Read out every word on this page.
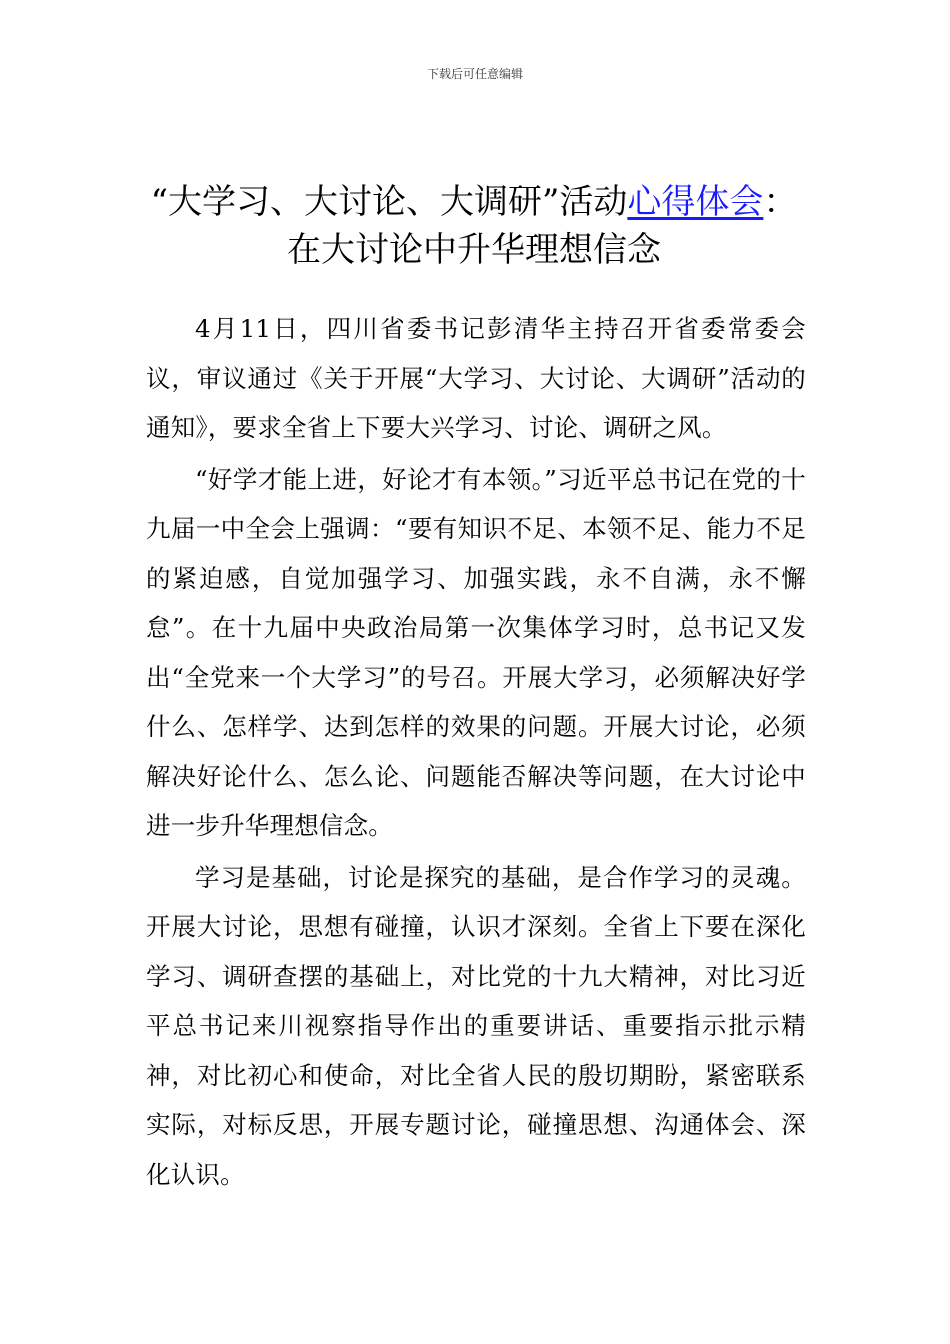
下载后可任意编辑
“大学习、大讨论、大调研”活动心得体会：在大讨论中升华理想信念

4月11日，四川省委书记彭清华主持召开省委常委会议，审议通过《关于开展“大学习、大讨论、大调研”活动的通知》，要求全省上下要大兴学习、讨论、调研之风。

“好学才能上进，好论才有本领。”习近平总书记在党的十九届一中全会上强调：“要有知识不足、本领不足、能力不足的紧迫感，自觉加强学习、加强实践，永不自满，永不懈怠”。在十九届中央政治局第一次集体学习时，总书记又发出“全党来一个大学习”的号召。开展大学习，必须解决好学什么、怎样学、达到怎样的效果的问题。开展大讨论，必须解决好论什么、怎么论、问题能否解决等问题，在大讨论中进一步升华理想信念。

学习是基础，讨论是探究的基础，是合作学习的灵魂。开展大讨论，思想有碰撞，认识才深刻。全省上下要在深化学习、调研查摆的基础上，对比党的十九大精神，对比习近平总书记来川视察指导作出的重要讲话、重要指示批示精神，对比初心和使命，对比全省人民的殷切期盼，紧密联系实际，对标反思，开展专题讨论，碰撞思想、沟通体会、深化认识。
